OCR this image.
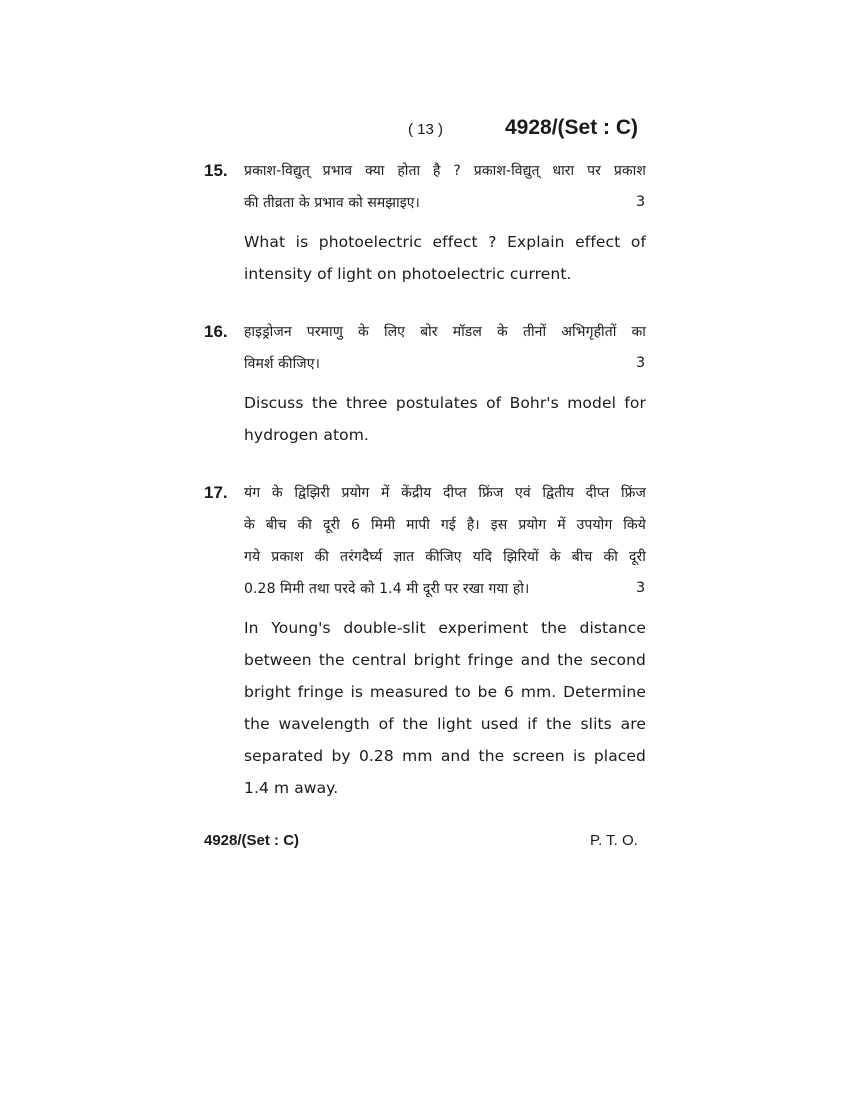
( 13 )	4928/(Set : C)
15. प्रकाश-विद्युत् प्रभाव क्या होता है ? प्रकाश-विद्युत् धारा पर प्रकाश
की तीव्रता के प्रभाव को समझाइए।	3
What is photoelectric effect ? Explain effect of
intensity of light on photoelectric current.
16. हाइड्रोजन परमाणु के लिए बोर मॉडल के तीनों अभिगृहीतों का
विमर्श कीजिए।	3
Discuss the three postulates of Bohr's model for
hydrogen atom.
17. यंग के द्विझिरी प्रयोग में केंद्रीय दीप्त फ्रिंज एवं द्वितीय दीप्त फ्रिंज
के बीच की दूरी 6 मिमी मापी गई है। इस प्रयोग में उपयोग किये
गये प्रकाश की तरंगदैर्घ्य ज्ञात कीजिए यदि झिरियों के बीच की दूरी
0.28 मिमी तथा परदे को 1.4 मी दूरी पर रखा गया हो।	3
In Young's double-slit experiment the distance
between the central bright fringe and the second
bright fringe is measured to be 6 mm. Determine
the wavelength of the light used if the slits are
separated by 0.28 mm and the screen is placed
1.4 m away.
4928/(Set : C)	P. T. O.
